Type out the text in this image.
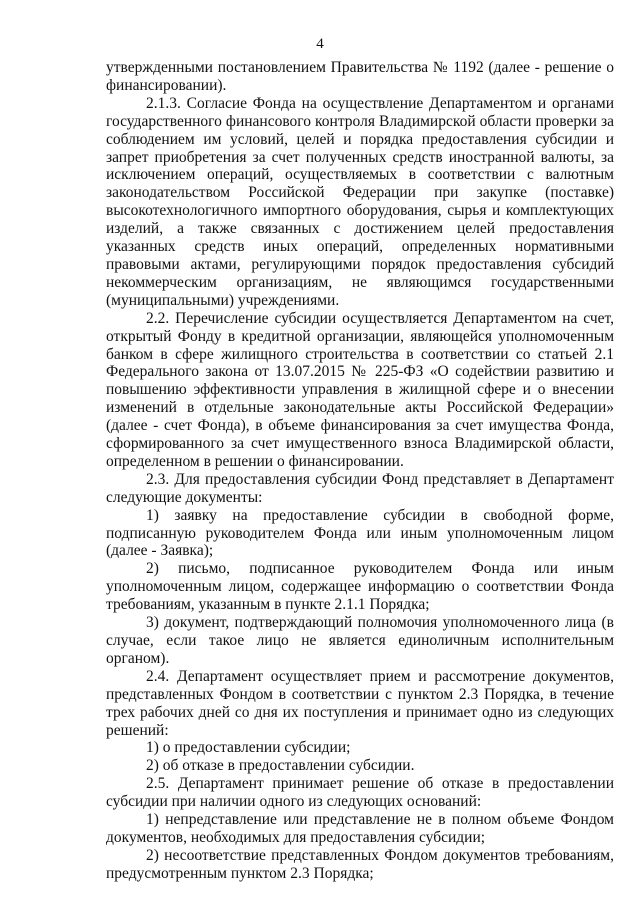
4

утвержденными постановлением Правительства № 1192 (далее - решение о финансировании).

2.1.3. Согласие Фонда на осуществление Департаментом и органами государственного финансового контроля Владимирской области проверки за соблюдением им условий, целей и порядка предоставления субсидии и запрет приобретения за счет полученных средств иностранной валюты, за исключением операций, осуществляемых в соответствии с валютным законодательством Российской Федерации при закупке (поставке) высокотехнологичного импортного оборудования, сырья и комплектующих изделий, а также связанных с достижением целей предоставления указанных средств иных операций, определенных нормативными правовыми актами, регулирующими порядок предоставления субсидий некоммерческим организациям, не являющимся государственными (муниципальными) учреждениями.

2.2. Перечисление субсидии осуществляется Департаментом на счет, открытый Фонду в кредитной организации, являющейся уполномоченным банком в сфере жилищного строительства в соответствии со статьей 2.1 Федерального закона от 13.07.2015 № 225-ФЗ «О содействии развитию и повышению эффективности управления в жилищной сфере и о внесении изменений в отдельные законодательные акты Российской Федерации» (далее - счет Фонда), в объеме финансирования за счет имущества Фонда, сформированного за счет имущественного взноса Владимирской области, определенном в решении о финансировании.

2.3. Для предоставления субсидии Фонд представляет в Департамент следующие документы:

1) заявку на предоставление субсидии в свободной форме, подписанную руководителем Фонда или иным уполномоченным лицом (далее - Заявка);

2) письмо, подписанное руководителем Фонда или иным уполномоченным лицом, содержащее информацию о соответствии Фонда требованиям, указанным в пункте 2.1.1 Порядка;

3) документ, подтверждающий полномочия уполномоченного лица (в случае, если такое лицо не является единоличным исполнительным органом).

2.4. Департамент осуществляет прием и рассмотрение документов, представленных Фондом в соответствии с пунктом 2.3 Порядка, в течение трех рабочих дней со дня их поступления и принимает одно из следующих решений:

1) о предоставлении субсидии;

2) об отказе в предоставлении субсидии.

2.5. Департамент принимает решение об отказе в предоставлении субсидии при наличии одного из следующих оснований:

1) непредставление или представление не в полном объеме Фондом документов, необходимых для предоставления субсидии;

2) несоответствие представленных Фондом документов требованиям, предусмотренным пунктом 2.3 Порядка;
